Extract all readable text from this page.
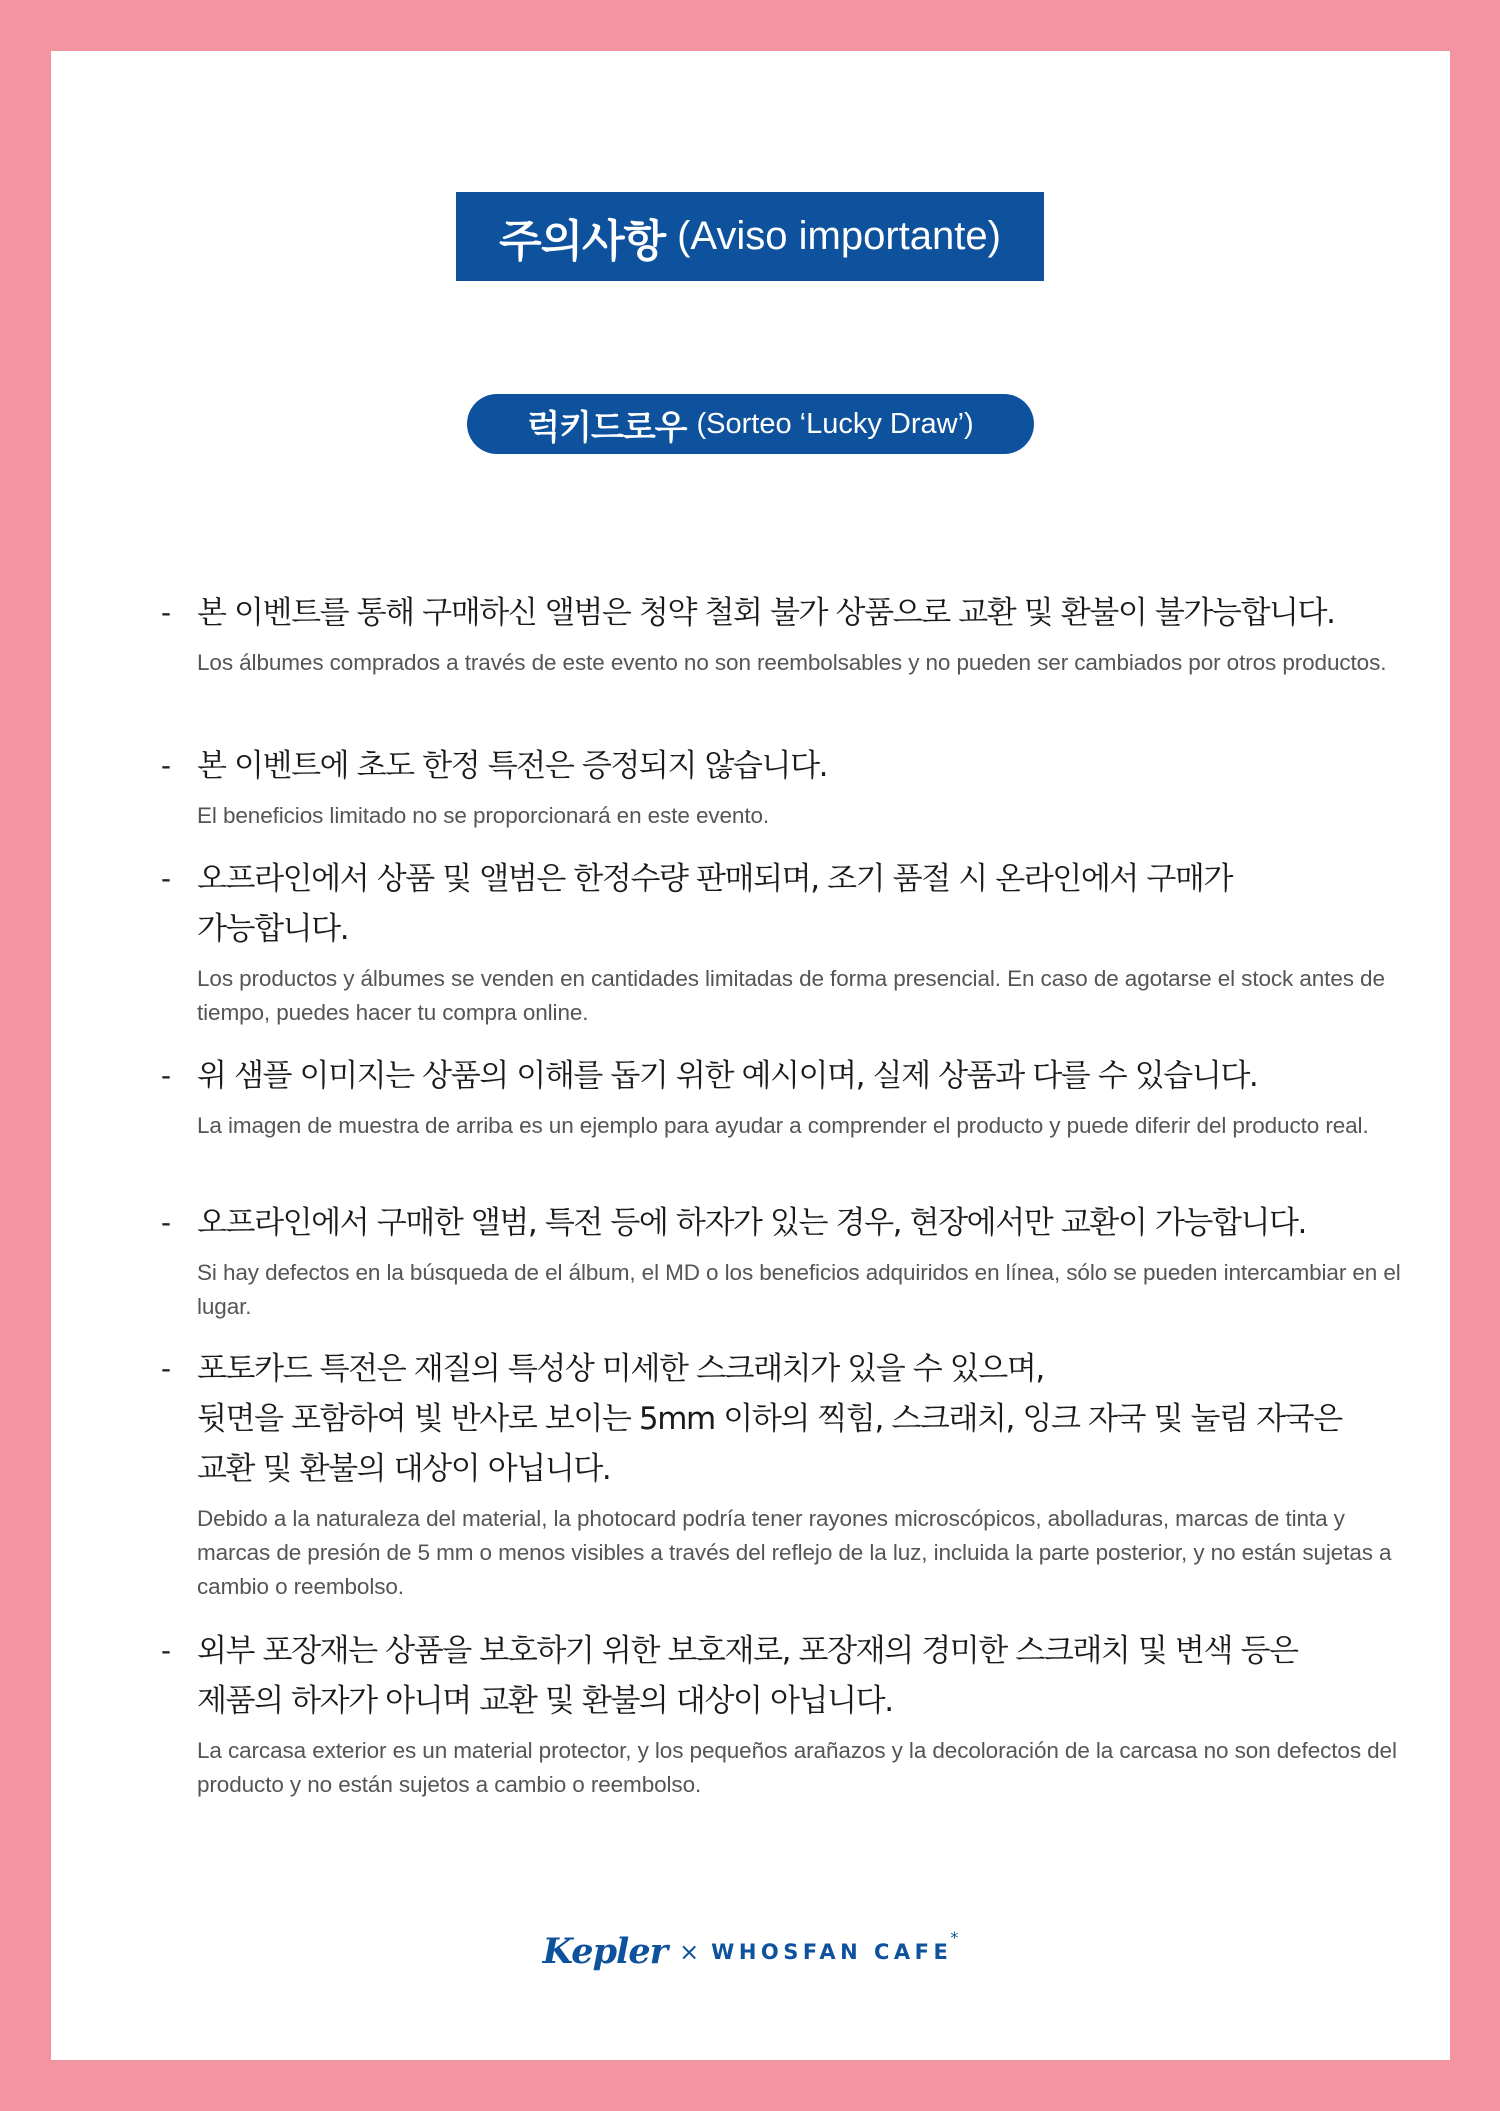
주의사항 (Aviso importante)
럭키드로우 (Sorteo ‘Lucky Draw’)
- 본 이벤트를 통해 구매하신 앨범은 청약 철회 불가 상품으로 교환 및 환불이 불가능합니다.
Los álbumes comprados a través de este evento no son reembolsables y no pueden ser cambiados por otros productos.
- 본 이벤트에 초도 한정 특전은 증정되지 않습니다.
El beneficios limitado no se proporcionará en este evento.
- 오프라인에서 상품 및 앨범은 한정수량 판매되며, 조기 품절 시 온라인에서 구매가
가능합니다.
Los productos y álbumes se venden en cantidades limitadas de forma presencial. En caso de agotarse el stock antes de tiempo, puedes hacer tu compra online.
- 위 샘플 이미지는 상품의 이해를 돕기 위한 예시이며, 실제 상품과 다를 수 있습니다.
La imagen de muestra de arriba es un ejemplo para ayudar a comprender el producto y puede diferir del producto real.
- 오프라인에서 구매한 앨범, 특전 등에 하자가 있는 경우, 현장에서만 교환이 가능합니다.
Si hay defectos en la búsqueda de el álbum, el MD o los beneficios adquiridos en línea, sólo se pueden intercambiar en el lugar.
- 포토카드 특전은 재질의 특성상 미세한 스크래치가 있을 수 있으며,
뒷면을 포함하여 빛 반사로 보이는 5mm 이하의 찍힘, 스크래치, 잉크 자국 및 눌림 자국은
교환 및 환불의 대상이 아닙니다.
Debido a la naturaleza del material, la photocard podría tener rayones microscópicos, abolladuras, marcas de tinta y marcas de presión de 5 mm o menos visibles a través del reflejo de la luz, incluida la parte posterior, y no están sujetas a cambio o reembolso.
- 외부 포장재는 상품을 보호하기 위한 보호재로, 포장재의 경미한 스크래치 및 변색 등은
제품의 하자가 아니며 교환 및 환불의 대상이 아닙니다.
La carcasa exterior es un material protector, y los pequeños arañazos y la decoloración de la carcasa no son defectos del producto y no están sujetos a cambio o reembolso.
Kepler × WHOSFAN CAFE
*
